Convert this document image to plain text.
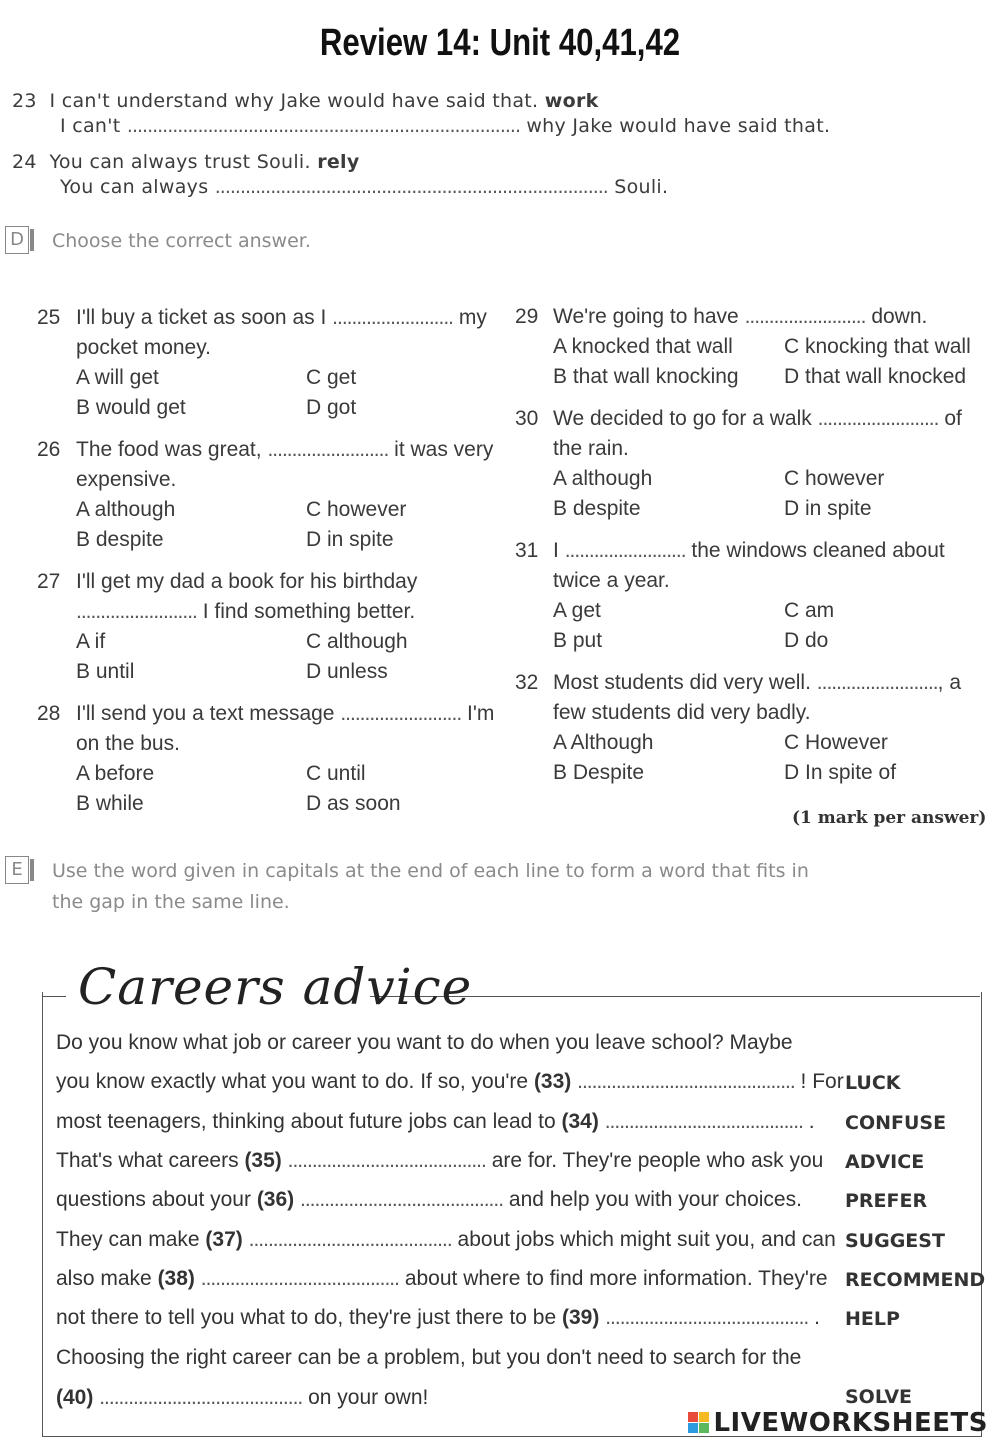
Review 14: Unit 40,41,42
23 I can't understand why Jake would have said that. work
I can't .............................................................................. why Jake would have said that.
24 You can always trust Souli. rely
You can always .............................................................................. Souli.
D Choose the correct answer.
25 I'll buy a ticket as soon as I ......................... my
pocket money.
A will get
B would get
C get
D got
26 The food was great, ......................... it was very
expensive.
A although
B despite
C however
D in spite
27 I'll get my dad a book for his birthday
......................... I find something better.
A if
B until
C although
D unless
28 I'll send you a text message ......................... I'm
on the bus.
A before
B while
C until
D as soon
29 We're going to have ......................... down.
A knocked that wall
B that wall knocking
C knocking that wall
D that wall knocked
30 We decided to go for a walk ......................... of
the rain.
A although
B despite
C however
D in spite
31 I ......................... the windows cleaned about
twice a year.
A get
B put
C am
D do
32 Most students did very well. ........................., a
few students did very badly.
A Although
B Despite
C However
D In spite of
(1 mark per answer)
E	Use the word given in capitals at the end of each line to form a word that fits in
the gap in the same line.
Careers advice
Do you know what job or career you want to do when you leave school? Maybe
you know exactly what you want to do. If so, you're (33) ............................................. ! For LUCK
most teenagers, thinking about future jobs can lead to (34) ......................................... . CONFUSE
That's what careers (35) ......................................... are for. They're people who ask you ADVICE
questions about your (36) .......................................... and help you with your choices. PREFER
They can make (37) .......................................... about jobs which might suit you, and can SUGGEST
also make (38) ......................................... about where to find more information. They're RECOMMEND
not there to tell you what to do, they're just there to be (39) .......................................... . HELP
Choosing the right career can be a problem, but you don't need to search for the
(40) .......................................... on your own!	SOLVE
LIVEWORKSHEETS
